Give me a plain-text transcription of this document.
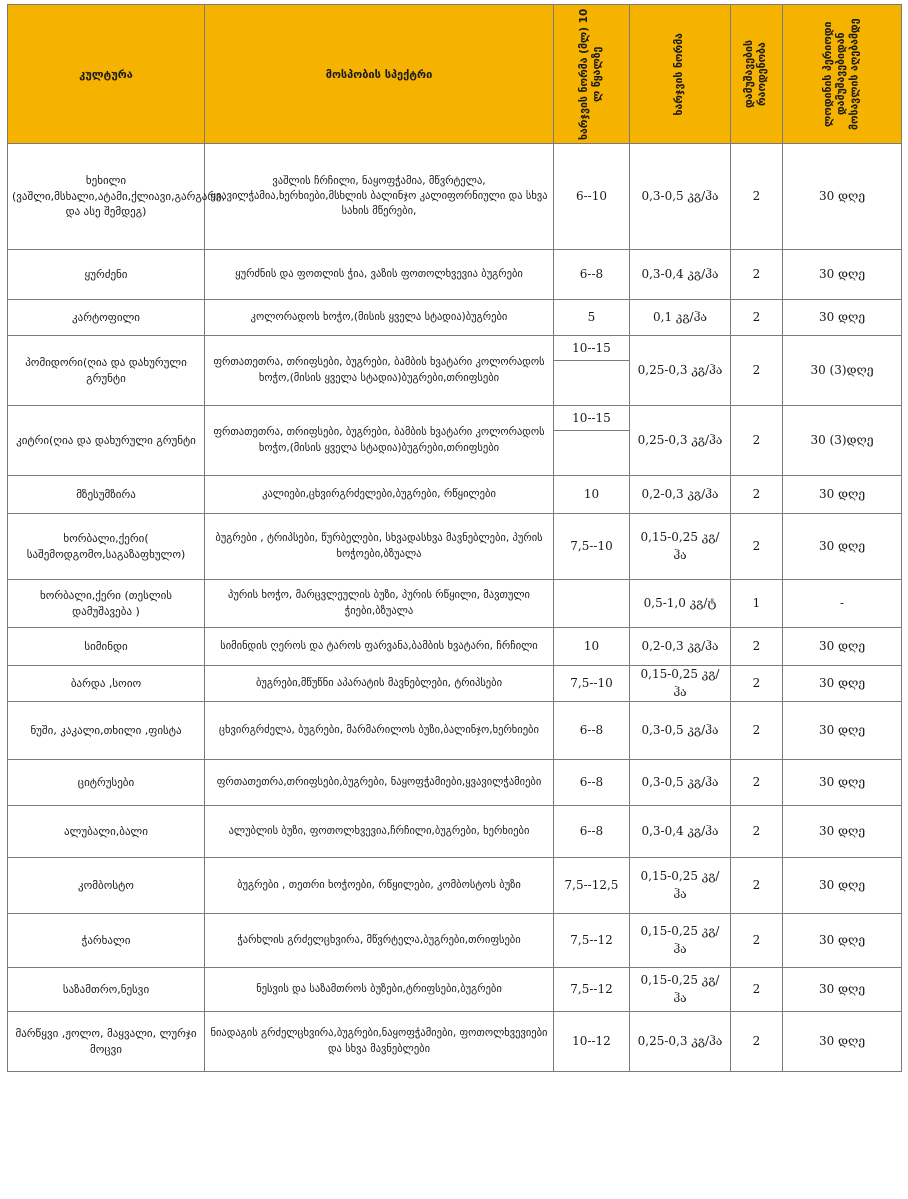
კულტურა	მოსპობის სპექტრი	ხარჯვის ნორმა (მლ) 10 ლ წყალზე	ხარჯვის ნორმა	დამუშავების რაოდენობა	ლოდინის პერიოდი დამუშავებიდან მოსავლის აღებამდე

ხეხილი (ვაშლი,მსხალი,ატამი,ქლიავი,გარგარი, და ასე შემდეგ)	ვაშლის ჩრჩილი, ნაყოფჭამია, მწვრტელა, ყვავილჭამია,ხერხიები,მსხლის ბალინჯო კალიფორნიული და სხვა სახის მწერები,	6--10	0,3-0,5 კგ/ჰა	2	30 დღე
ყურძენი	ყურძნის და ფოთლის ჭია, ვაზის ფოთოლხვევია ბუგრები	6--8	0,3-0,4 კგ/ჰა	2	30 დღე
კარტოფილი	კოლორადოს ხოჭო,(მისის ყველა სტადია)ბუგრები	5	0,1 კგ/ჰა	2	30 დღე
პომიდორი(ღია და დახურული გრუნტი	ფრთათეთრა, თრიფსები, ბუგრები, ბამბის ხვატარი კოლორადოს ხოჭო,(მისის ყველა სტადია)ბუგრები,თრიფსები	10--15	0,25-0,3 კგ/ჰა	2	30 (3)დღე
კიტრი(ღია და დახურული გრუნტი	ფრთათეთრა, თრიფსები, ბუგრები, ბამბის ხვატარი კოლორადოს ხოჭო,(მისის ყველა სტადია)ბუგრები,თრიფსები	10--15	0,25-0,3 კგ/ჰა	2	30 (3)დღე
მზესუმზირა	კალიები,ცხვირგრძელები,ბუგრები, რწყილები	10	0,2-0,3 კგ/ჰა	2	30 დღე
ხორბალი,ქერი( საშემოდგომო,საგაზაფხულო)	ბუგრები , ტრიპსები, წურბელები, სხვადასხვა მავნებლები, პურის ხოჭოები,ბზუალა	7,5--10	0,15-0,25 კგ/ჰა	2	30 დღე
ხორბალი,ქერი (თესლის დამუშავება )	პურის ხოჭო, მარცვლეულის ბუზი, პურის რწყილი, მავთული ჭიები,ბზუალა		0,5-1,0 კგ/ტ	1	-
სიმინდი	სიმინდის ღეროს და ტაროს ფარვანა,ბამბის ხვატარი, ჩრჩილი	10	0,2-0,3 კგ/ჰა	2	30 დღე
ბარდა ,სოიო	ბუგრები,მწუწნი აპარატის მავნებლები, ტრიპსები	7,5--10	0,15-0,25 კგ/ჰა	2	30 დღე
ნუში, კაკალი,თხილი ,ფისტა	ცხვირგრძელა, ბუგრები, მარმარილოს ბუზი,ბალინჯო,ხერხიები	6--8	0,3-0,5 კგ/ჰა	2	30 დღე
ციტრუსები	ფრთათეთრა,თრიფსები,ბუგრები, ნაყოფჭამიები,ყვავილჭამიები	6--8	0,3-0,5 კგ/ჰა	2	30 დღე
ალუბალი,ბალი	ალუბლის ბუზი, ფოთოლხვევია,ჩრჩილი,ბუგრები, ხერხიები	6--8	0,3-0,4 კგ/ჰა	2	30 დღე
კომბოსტო	ბუგრები , თეთრი ხოჭოები, რწყილები, კომბოსტოს ბუზი	7,5--12,5	0,15-0,25 კგ/ჰა	2	30 დღე
ჭარხალი	ჭარხლის გრძელცხვირა, მწვრტელა,ბუგრები,თრიფსები	7,5--12	0,15-0,25 კგ/ჰა	2	30 დღე
საზამთრო,ნესვი	ნესვის და საზამთროს ბუზები,ტრიფსები,ბუგრები	7,5--12	0,15-0,25 კგ/ჰა	2	30 დღე
მარწყვი ,ჟოლო, მაყვალი, ლურჯი მოცვი	ნიადაგის გრძელცხვირა,ბუგრები,ნაყოფჭამიები, ფოთოლხვევიები და სხვა მავნებლები	10--12	0,25-0,3 კგ/ჰა	2	30 დღე
